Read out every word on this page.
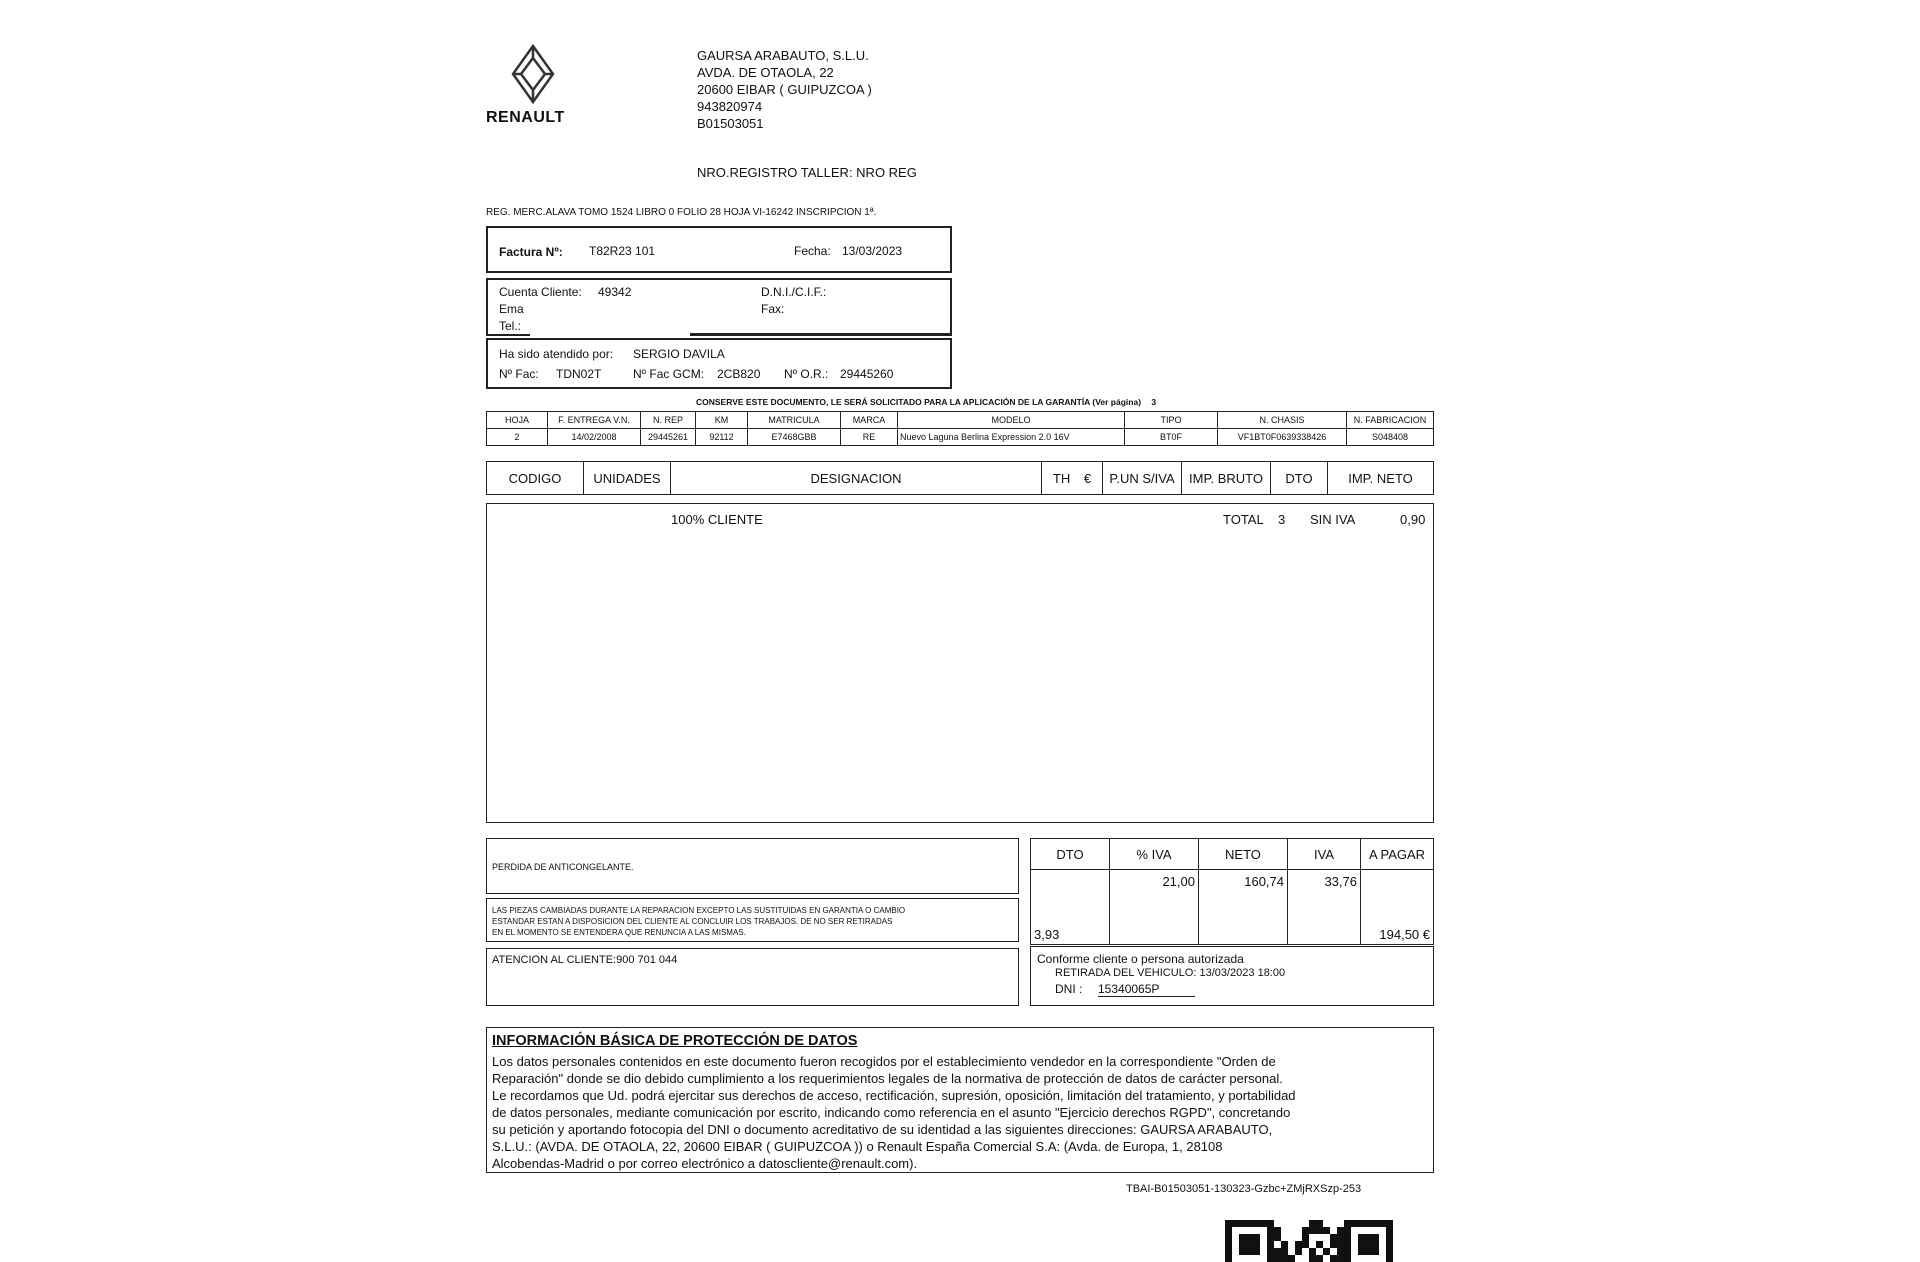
RENAULT
GAURSA ARABAUTO, S.L.U.
AVDA. DE OTAOLA, 22
20600 EIBAR ( GUIPUZCOA )
943820974
B01503051
NRO.REGISTRO TALLER: NRO REG
REG. MERC.ALAVA TOMO 1524 LIBRO 0 FOLIO 28 HOJA VI-16242 INSCRIPCION 1ª.
Factura Nº: T82R23 101	Fecha: 13/03/2023
Cuenta Cliente: 49342
Ema
Tel.:
D.N.I./C.I.F.:
Fax:
Ha sido atendido por: SERGIO DAVILA
Nº Fac: TDN02T	Nº Fac GCM: 2CB820 Nº O.R.: 29445260
CONSERVE ESTE DOCUMENTO, LE SERÁ SOLICITADO PARA LA APLICACIÓN DE LA GARANTÍA (Ver página) 3
HOJA	F. ENTREGA V.N.	N. REP	KM	MATRICULA	MARCA	MODELO	TIPO	N. CHASIS	N. FABRICACION
2	14/02/2008	29445261	92112	E7468GBB	RE	Nuevo Laguna Berlina Expression 2.0 16V	BT0F	VF1BT0F0639338426	S048408
CODIGO	UNIDADES	DESIGNACION	TH €	P.UN S/IVA	IMP. BRUTO	DTO	IMP. NETO
100% CLIENTE	TOTAL 3 SIN IVA	0,90
PERDIDA DE ANTICONGELANTE.
LAS PIEZAS CAMBIADAS DURANTE LA REPARACION EXCEPTO LAS SUSTITUIDAS EN GARANTIA O CAMBIO
ESTANDAR ESTAN A DISPOSICION DEL CLIENTE AL CONCLUIR LOS TRABAJOS. DE NO SER RETIRADAS
EN EL MOMENTO SE ENTENDERA QUE RENUNCIA A LAS MISMAS.
ATENCION AL CLIENTE:900 701 044
DTO	% IVA	NETO	IVA	A PAGAR
3,93	21,00	160,74	33,76	194,50 €
Conforme cliente o persona autorizada
RETIRADA DEL VEHICULO: 13/03/2023 18:00
DNI : 15340065P
INFORMACIÓN BÁSICA DE PROTECCIÓN DE DATOS
Los datos personales contenidos en este documento fueron recogidos por el establecimiento vendedor en la correspondiente "Orden de
Reparación" donde se dio debido cumplimiento a los requerimientos legales de la normativa de protección de datos de carácter personal.
Le recordamos que Ud. podrá ejercitar sus derechos de acceso, rectificación, supresión, oposición, limitación del tratamiento, y portabilidad
de datos personales, mediante comunicación por escrito, indicando como referencia en el asunto "Ejercicio derechos RGPD", concretando
su petición y aportando fotocopia del DNI o documento acreditativo de su identidad a las siguientes direcciones: GAURSA ARABAUTO,
S.L.U.: (AVDA. DE OTAOLA, 22, 20600 EIBAR ( GUIPUZCOA )) o Renault España Comercial S.A: (Avda. de Europa, 1, 28108
Alcobendas-Madrid o por correo electrónico a datoscliente@renault.com).
TBAI-B01503051-130323-Gzbc+ZMjRXSzp-253
